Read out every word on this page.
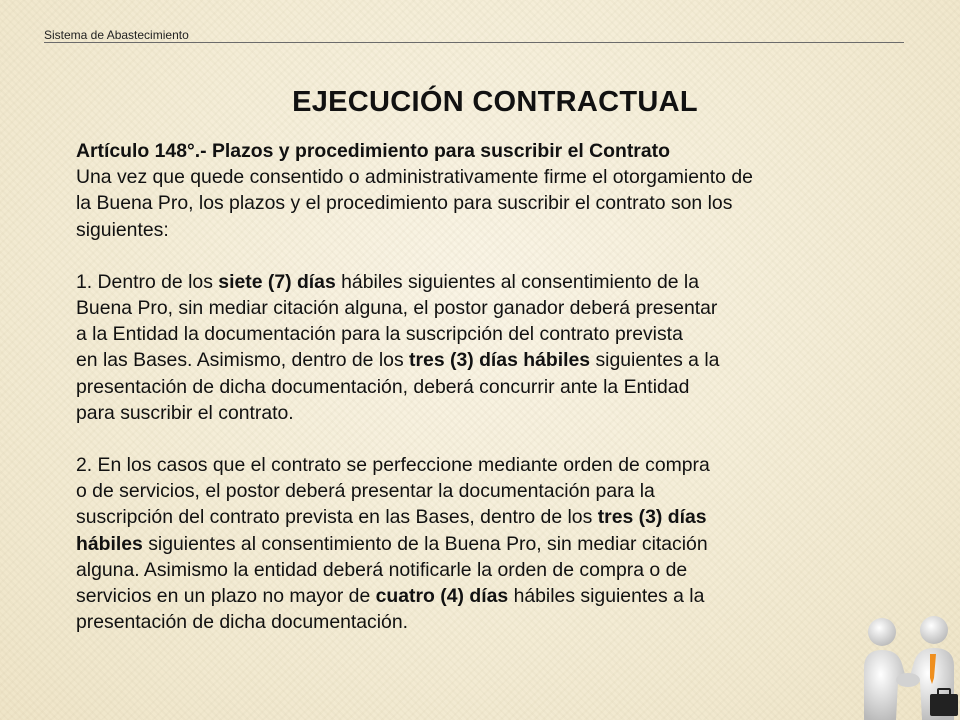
Sistema de Abastecimiento
EJECUCIÓN CONTRACTUAL

Artículo 148°.- Plazos y procedimiento para suscribir el Contrato

Una vez que quede consentido o administrativamente firme el otorgamiento de

la Buena Pro, los plazos y el procedimiento para suscribir el contrato son los

siguientes:

1. Dentro de los siete (7) días hábiles siguientes al consentimiento de la

Buena Pro, sin mediar citación alguna, el postor ganador deberá presentar

a la Entidad la documentación para la suscripción del contrato prevista

en las Bases. Asimismo, dentro de los tres (3) días hábiles siguientes a la

presentación de dicha documentación, deberá concurrir ante la Entidad

para suscribir el contrato.

2. En los casos que el contrato se perfeccione mediante orden de compra

o de servicios, el postor deberá presentar la documentación para la

suscripción del contrato prevista en las Bases, dentro de los tres (3) días

hábiles siguientes al consentimiento de la Buena Pro, sin mediar citación

alguna. Asimismo la entidad deberá notificarle la orden de compra o de

servicios en un plazo no mayor de cuatro (4) días hábiles siguientes a la

presentación de dicha documentación.
